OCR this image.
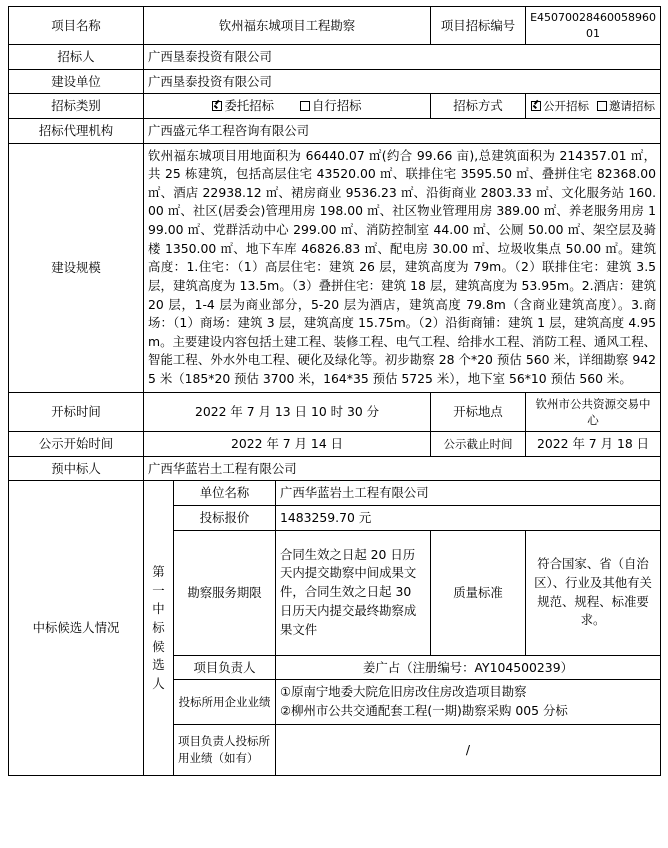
项目名称	钦州福东城项目工程勘察			项目招标编号	E4507002846005896001
招标人	广西垦泰投资有限公司				
建设单位	广西垦泰投资有限公司				
招标类别	委托招标 自行招标			招标方式	公开招标 邀请招标

招标代理机构	广西盛元华工程咨询有限公司				
建设规模	钦州福东城项目用地面积为 66440.07 ㎡(约合 99.66 亩),总建筑面积为 214357.01 ㎡，共 25 栋建筑，包括高层住宅 43520.00 ㎡、联排住宅 3595.50 ㎡、叠拼住宅 82368.00 ㎡、酒店 22938.12 ㎡、裙房商业 9536.23 ㎡、沿街商业 2803.33 ㎡、文化服务站 160.00 ㎡、社区(居委会)管理用房 198.00 ㎡、社区物业管理用房 389.00 ㎡、养老服务用房 199.00 ㎡、党群活动中心 299.00 ㎡、消防控制室 44.00 ㎡、公厕 50.00 ㎡、架空层及骑楼 1350.00 ㎡、地下车库 46826.83 ㎡、配电房 30.00 ㎡、垃圾收集点 50.00 ㎡。建筑高度：1.住宅：（1）高层住宅：建筑 26 层，建筑高度为 79m。（2）联排住宅：建筑 3.5 层，建筑高度为 13.5m。（3）叠拼住宅：建筑 18 层，建筑高度为 53.95m。2.酒店：建筑 20 层，1-4 层为商业部分，5-20 层为酒店，建筑高度 79.8m（含商业建筑高度）。3.商场：（1）商场：建筑 3 层，建筑高度 15.75m。（2）沿街商铺：建筑 1 层，建筑高度 4.95m。主要建设内容包括土建工程、装修工程、电气工程、给排水工程、消防工程、通风工程、智能工程、外水外电工程、硬化及绿化等。初步勘察 28 个*20 预估 560 米，详细勘察 9425 米（185*20 预估 3700 米，164*35 预估 5725 米），地下室 56*10 预估 560 米。				
开标时间	2022 年 7 月 13 日 10 时 30 分			开标地点	钦州市公共资源交易中心
公示开始时间	2022 年 7 月 14 日			公示截止时间	2022 年 7 月 18 日
预中标人	广西华蓝岩土工程有限公司				
中标候选人情况	第一中标候选人	单位名称	广西华蓝岩土工程有限公司		
		投标报价	1483259.70 元		
		勘察服务期限	合同生效之日起 20 日历天内提交勘察中间成果文件，合同生效之日起 30 日历天内提交最终勘察成果文件	质量标准	符合国家、省（自治区）、行业及其他有关规范、规程、标准要求。
		项目负责人	姜广占（注册编号：AY104500239）		
		投标所用企业业绩	①原南宁地委大院危旧房改住房改造项目勘察
②柳州市公共交通配套工程(一期)勘察采购 005 分标		

		项目负责人投标所用业绩（如有）	/		
